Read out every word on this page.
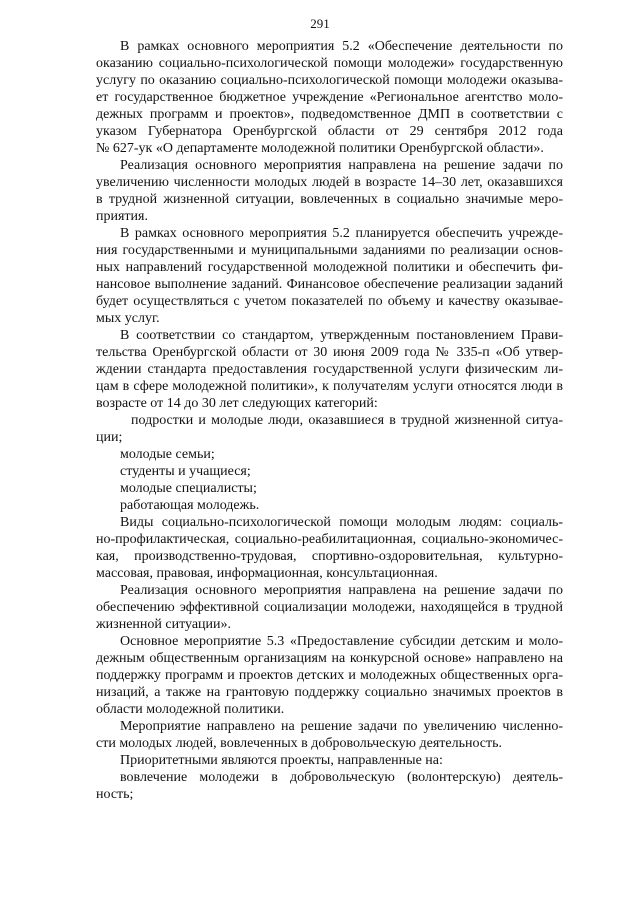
291
В рамках основного мероприятия 5.2 «Обеспечение деятельности по
оказанию социально-психологической помощи молодежи» государственную
услугу по оказанию социально-психологической помощи молодежи оказыва-
ет государственное бюджетное учреждение «Региональное агентство моло-
дежных программ и проектов», подведомственное ДМП в соответствии с
указом Губернатора Оренбургской области от 29 сентября 2012 года
№ 627-ук «О департаменте молодежной политики Оренбургской области».
Реализация основного мероприятия направлена на решение задачи по
увеличению численности молодых людей в возрасте 14–30 лет, оказавшихся
в трудной жизненной ситуации, вовлеченных в социально значимые меро-
приятия.
В рамках основного мероприятия 5.2 планируется обеспечить учрежде-
ния государственными и муниципальными заданиями по реализации основ-
ных направлений государственной молодежной политики и обеспечить фи-
нансовое выполнение заданий. Финансовое обеспечение реализации заданий
будет осуществляться с учетом показателей по объему и качеству оказывае-
мых услуг.
В соответствии со стандартом, утвержденным постановлением Прави-
тельства Оренбургской области от 30 июня 2009 года № 335-п «Об утвер-
ждении стандарта предоставления государственной услуги физическим ли-
цам в сфере молодежной политики», к получателям услуги относятся люди в
возрасте от 14 до 30 лет следующих категорий:
подростки и молодые люди, оказавшиеся в трудной жизненной ситуа-
ции;
молодые семьи;
студенты и учащиеся;
молодые специалисты;
работающая молодежь.
Виды социально-психологической помощи молодым людям: социаль-
но-профилактическая, социально-реабилитационная, социально-экономичес-
кая, производственно-трудовая, спортивно-оздоровительная, культурно-
массовая, правовая, информационная, консультационная.
Реализация основного мероприятия направлена на решение задачи по
обеспечению эффективной социализации молодежи, находящейся в трудной
жизненной ситуации».
Основное мероприятие 5.3 «Предоставление субсидии детским и моло-
дежным общественным организациям на конкурсной основе» направлено на
поддержку программ и проектов детских и молодежных общественных орга-
низаций, а также на грантовую поддержку социально значимых проектов в
области молодежной политики.
Мероприятие направлено на решение задачи по увеличению численно-
сти молодых людей, вовлеченных в добровольческую деятельность.
Приоритетными являются проекты, направленные на:
вовлечение молодежи в добровольческую (волонтерскую) деятель-
ность;
